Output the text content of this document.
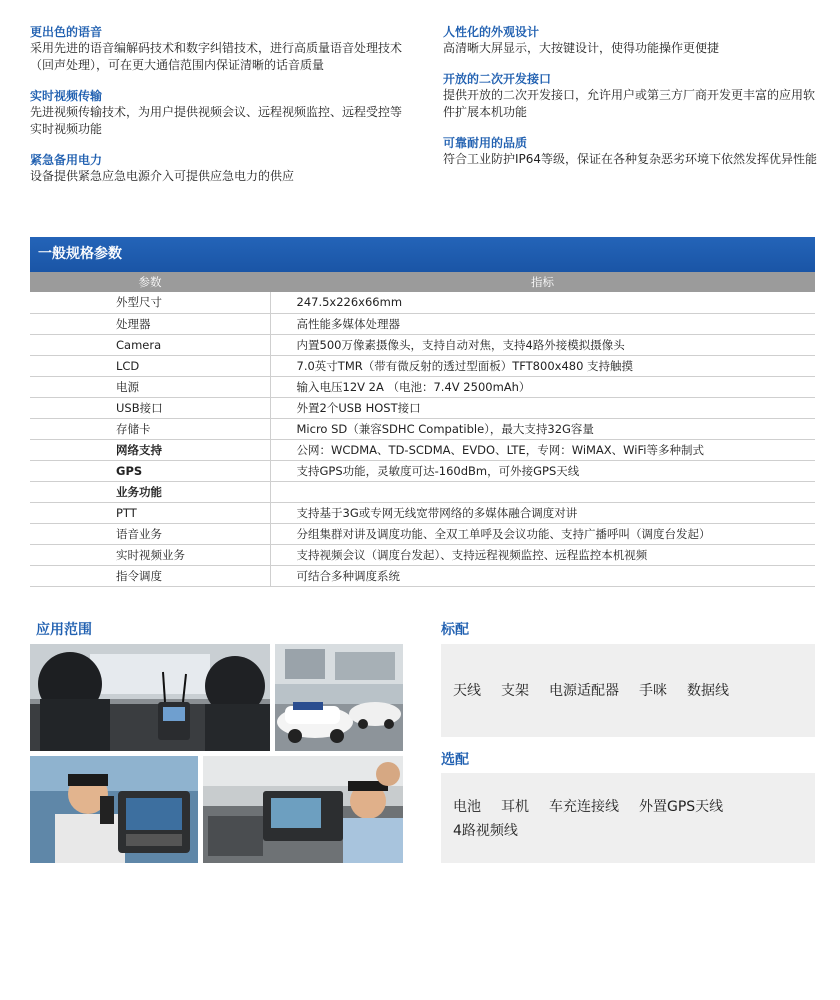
更出色的语音
采用先进的语音编解码技术和数字纠错技术，进行高质量语音处理技术（回声处理），可在更大通信范围内保证清晰的话音质量
实时视频传输
先进视频传输技术，为用户提供视频会议、远程视频监控、远程受控等实时视频功能
紧急备用电力
设备提供紧急应急电源介入可提供应急电力的供应
人性化的外观设计
高清晰大屏显示，大按键设计，使得功能操作更便捷
开放的二次开发接口
提供开放的二次开发接口，允许用户或第三方厂商开发更丰富的应用软件扩展本机功能
可靠耐用的品质
符合工业防护IP64等级，保证在各种复杂恶劣环境下依然发挥优异性能
一般规格参数
参数	指标
外型尺寸	247.5x226x66mm
处理器	高性能多媒体处理器
Camera	内置500万像素摄像头，支持自动对焦，支持4路外接模拟摄像头
LCD	7.0英寸TMR（带有微反射的透过型面板）TFT800x480 支持触摸
电源	输入电压12V 2A （电池：7.4V 2500mAh）
USB接口	外置2个USB HOST接口
存储卡	Micro SD（兼容SDHC Compatible），最大支持32G容量
网络支持	公网：WCDMA、TD-SCDMA、EVDO、LTE，专网：WiMAX、WiFi等多种制式
GPS	支持GPS功能，灵敏度可达-160dBm，可外接GPS天线
业务功能	
PTT	支持基于3G或专网无线宽带网络的多媒体融合调度对讲
语音业务	分组集群对讲及调度功能、全双工单呼及会议功能、支持广播呼叫（调度台发起）
实时视频业务	支持视频会议（调度台发起）、支持远程视频监控、远程监控本机视频
指令调度	可结合多种调度系统
应用范围	标配
天线 支架 电源适配器 手咪 数据线
选配
电池 耳机 车充连接线 外置GPS天线
4路视频线
